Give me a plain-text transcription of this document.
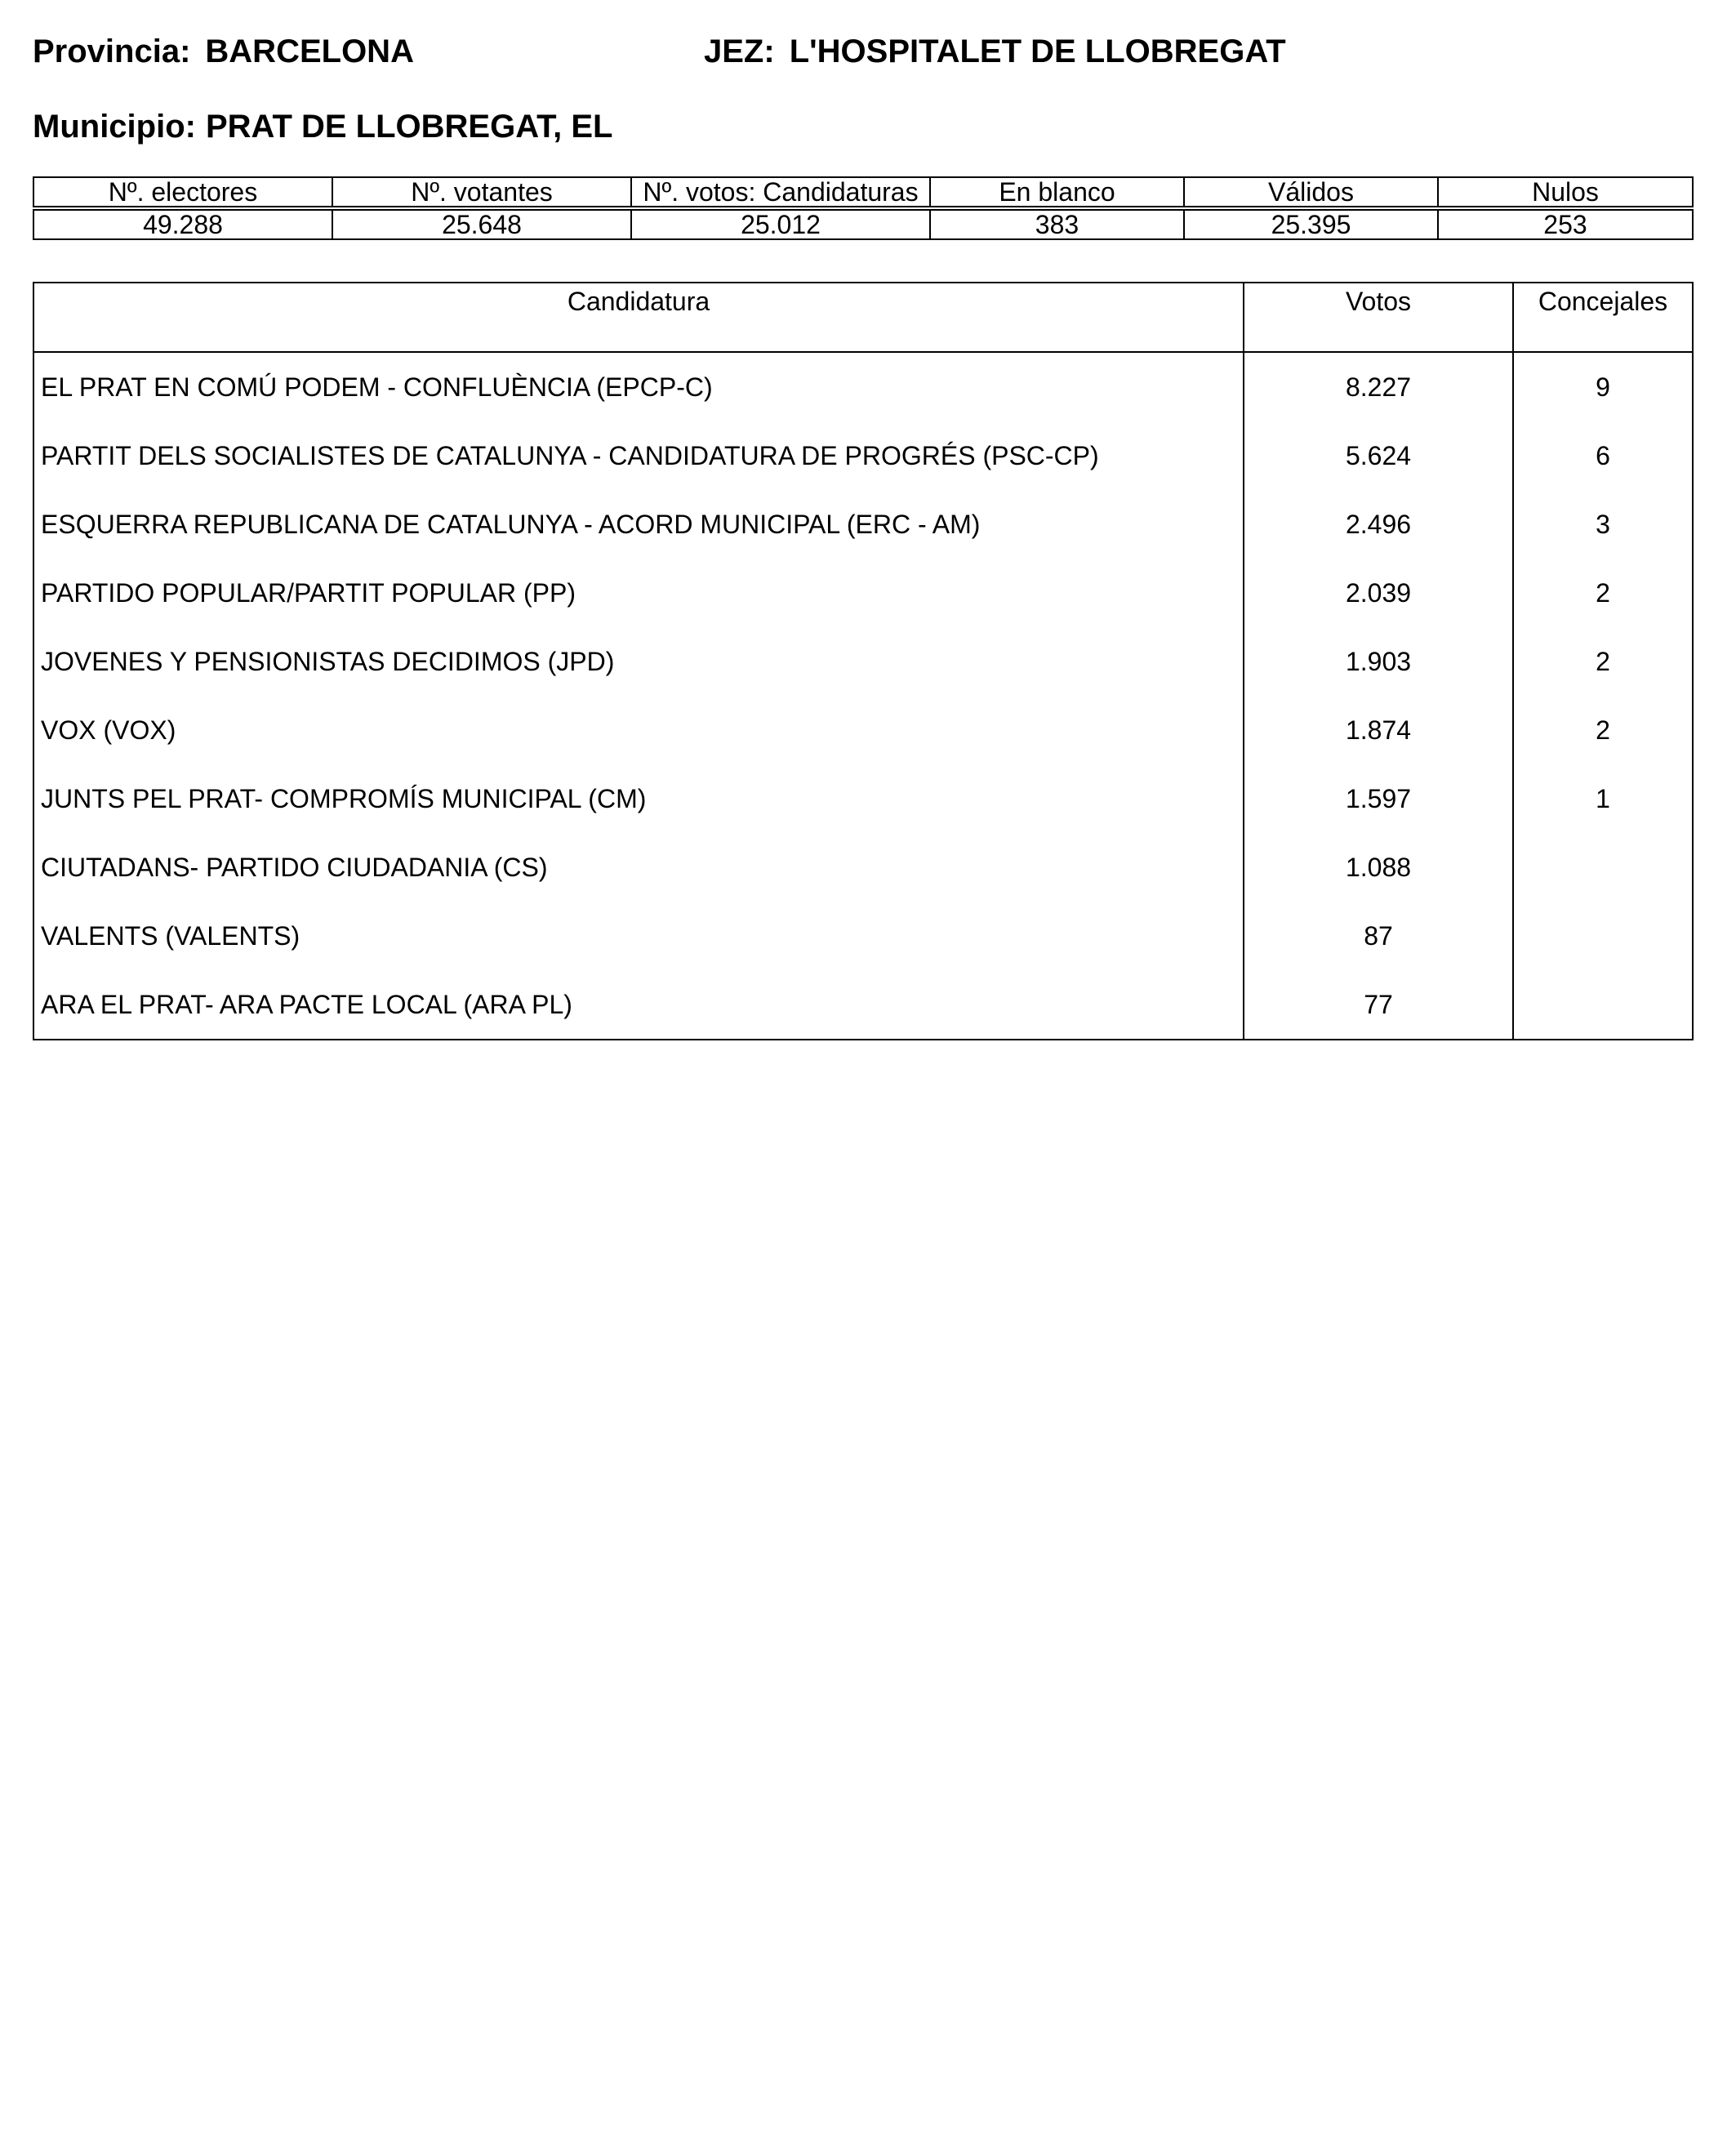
Provincia: BARCELONA	JEZ: L'HOSPITALET DE LLOBREGAT
Municipio: PRAT DE LLOBREGAT, EL
Nº. electores	Nº. votantes	Nº. votos: Candidaturas	En blanco	Válidos	Nulos

49.288	25.648	25.012	383	25.395	253
Candidatura	Votos	Concejales
EL PRAT EN COMÚ PODEM - CONFLUÈNCIA (EPCP-C)	8.227	9
PARTIT DELS SOCIALISTES DE CATALUNYA - CANDIDATURA DE PROGRÉS (PSC-CP)	5.624	6
ESQUERRA REPUBLICANA DE CATALUNYA - ACORD MUNICIPAL (ERC - AM)	2.496	3
PARTIDO POPULAR/PARTIT POPULAR (PP)	2.039	2
JOVENES Y PENSIONISTAS DECIDIMOS (JPD)	1.903	2
VOX (VOX)	1.874	2
JUNTS PEL PRAT- COMPROMÍS MUNICIPAL (CM)	1.597	1
CIUTADANS- PARTIDO CIUDADANIA (CS)	1.088	
VALENTS (VALENTS)	87	
ARA EL PRAT- ARA PACTE LOCAL (ARA PL)	77	
